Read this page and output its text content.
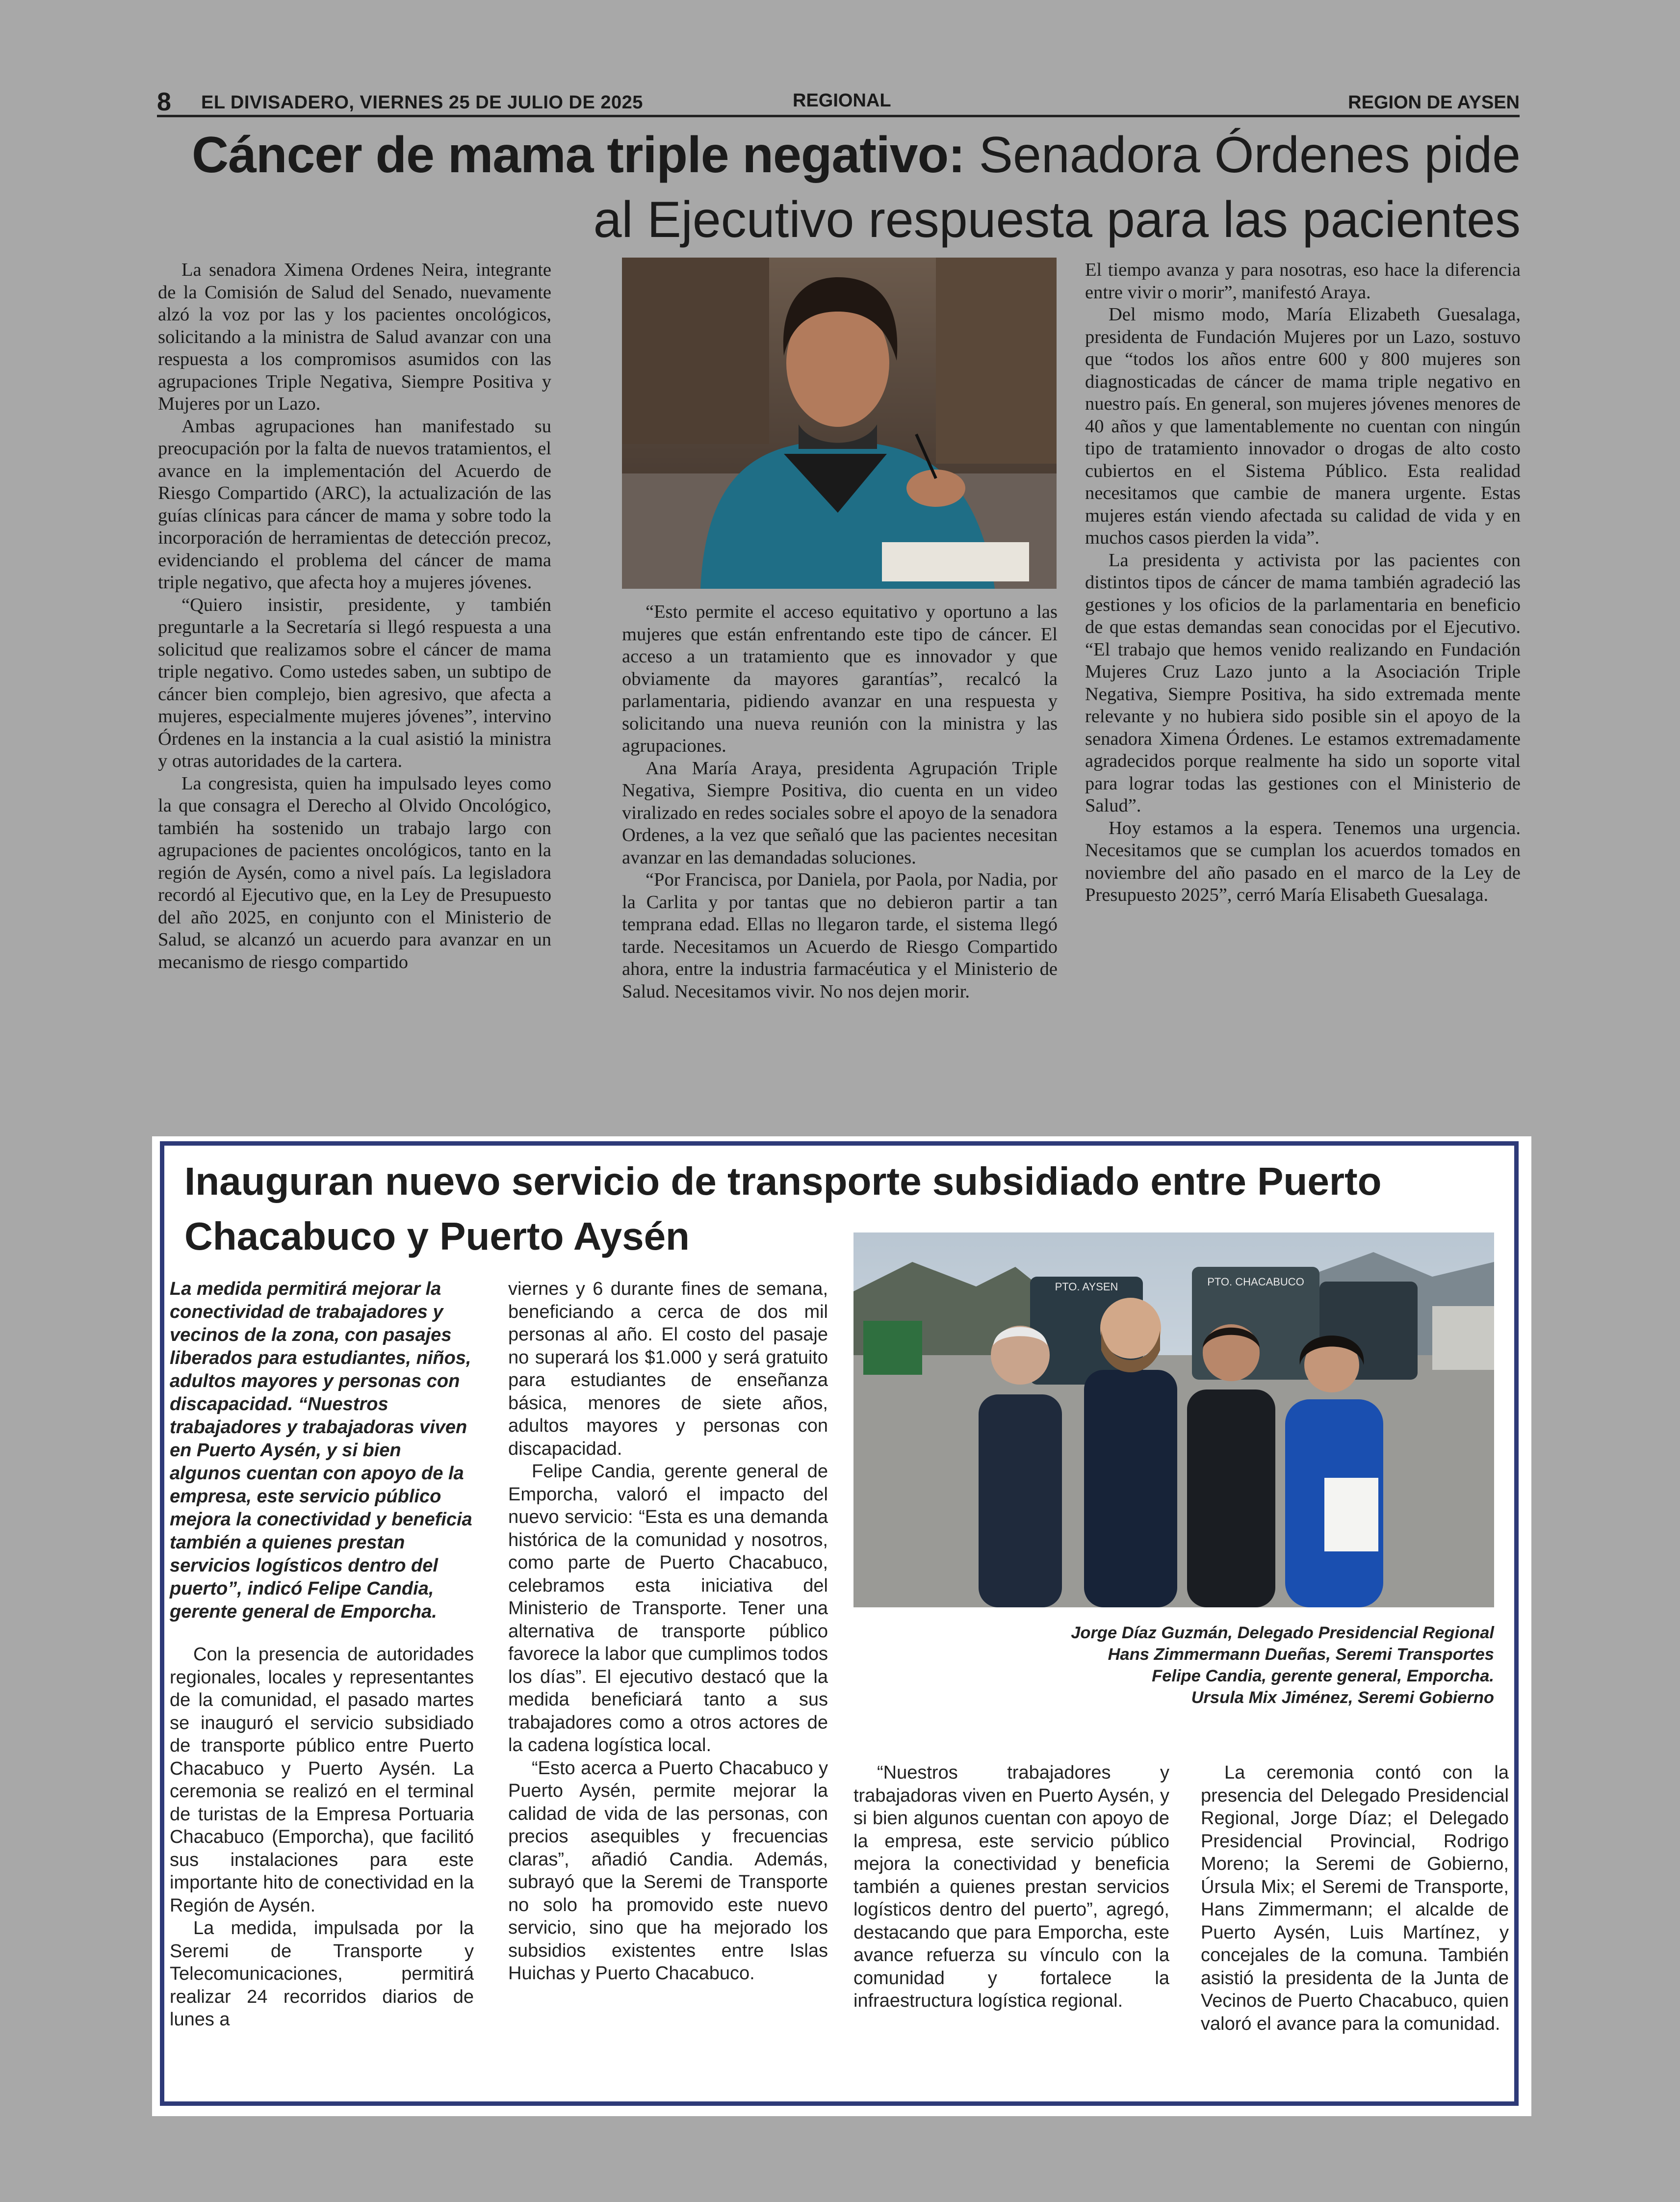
8 EL DIVISADERO, VIERNES 25 DE JULIO DE 2025	REGIONAL	REGION DE AYSEN
Cáncer de mama triple negativo: Senadora Órdenes pide al Ejecutivo respuesta para las pacientes

La senadora Ximena Ordenes Neira, integrante de la Comisión de Salud del Senado, nuevamente alzó la voz por las y los pacientes oncológicos, solicitando a la ministra de Salud avanzar con una respuesta a los compromisos asumidos con las agrupaciones Triple Negativa, Siempre Positiva y Mujeres por un Lazo.

Ambas agrupaciones han manifestado su preocupación por la falta de nuevos tratamientos, el avance en la implementación del Acuerdo de Riesgo Compartido (ARC), la actualización de las guías clínicas para cáncer de mama y sobre todo la incorporación de herramientas de detección precoz, evidenciando el problema del cáncer de mama triple negativo, que afecta hoy a mujeres jóvenes.

“Quiero insistir, presidente, y también preguntarle a la Secretaría si llegó respuesta a una solicitud que realizamos sobre el cáncer de mama triple negativo. Como ustedes saben, un subtipo de cáncer bien complejo, bien agresivo, que afecta a mujeres, especialmente mujeres jóvenes”, intervino Órdenes en la instancia a la cual asistió la ministra y otras autoridades de la cartera.

La congresista, quien ha impulsado leyes como la que consagra el Derecho al Olvido Oncológico, también ha sostenido un trabajo largo con agrupaciones de pacientes oncológicos, tanto en la región de Aysén, como a nivel país. La legisladora recordó al Ejecutivo que, en la Ley de Presupuesto del año 2025, en conjunto con el Ministerio de Salud, se alcanzó un acuerdo para avanzar en un mecanismo de riesgo compartido

“Esto permite el acceso equitativo y oportuno a las mujeres que están enfrentando este tipo de cáncer. El acceso a un tratamiento que es innovador y que obviamente da mayores garantías”, recalcó la parlamentaria, pidiendo avanzar en una respuesta y solicitando una nueva reunión con la ministra y las agrupaciones.

Ana María Araya, presidenta Agrupación Triple Negativa, Siempre Positiva, dio cuenta en un video viralizado en redes sociales sobre el apoyo de la senadora Ordenes, a la vez que señaló que las pacientes necesitan avanzar en las demandadas soluciones.

“Por Francisca, por Daniela, por Paola, por Nadia, por la Carlita y por tantas que no debieron partir a tan temprana edad. Ellas no llegaron tarde, el sistema llegó tarde. Necesitamos un Acuerdo de Riesgo Compartido ahora, entre la industria farmacéutica y el Ministerio de Salud. Necesitamos vivir. No nos dejen morir.

El tiempo avanza y para nosotras, eso hace la diferencia entre vivir o morir”, manifestó Araya.

Del mismo modo, María Elizabeth Guesalaga, presidenta de Fundación Mujeres por un Lazo, sostuvo que “todos los años entre 600 y 800 mujeres son diagnosticadas de cáncer de mama triple negativo en nuestro país. En general, son mujeres jóvenes menores de 40 años y que lamentablemente no cuentan con ningún tipo de tratamiento innovador o drogas de alto costo cubiertos en el Sistema Público. Esta realidad necesitamos que cambie de manera urgente. Estas mujeres están viendo afectada su calidad de vida y en muchos casos pierden la vida”.

La presidenta y activista por las pacientes con distintos tipos de cáncer de mama también agradeció las gestiones y los oficios de la parlamentaria en beneficio de que estas demandas sean conocidas por el Ejecutivo. “El trabajo que hemos venido realizando en Fundación Mujeres Cruz Lazo junto a la Asociación Triple Negativa, Siempre Positiva, ha sido extremada mente relevante y no hubiera sido posible sin el apoyo de la senadora Ximena Órdenes. Le estamos extremadamente agradecidos porque realmente ha sido un soporte vital para lograr todas las gestiones con el Ministerio de Salud”.

Hoy estamos a la espera. Tenemos una urgencia. Necesitamos que se cumplan los acuerdos tomados en noviembre del año pasado en el marco de la Ley de Presupuesto 2025”, cerró María Elisabeth Guesalaga.

Inauguran nuevo servicio de transporte subsidiado entre Puerto Chacabuco y Puerto Aysén

La medida permitirá mejorar la conectividad de trabajadores y vecinos de la zona, con pasajes liberados para estudiantes, niños, adultos mayores y personas con discapacidad. “Nuestros trabajadores y trabajadoras viven en Puerto Aysén, y si bien algunos cuentan con apoyo de la empresa, este servicio público mejora la conectividad y beneficia también a quienes prestan servicios logísticos dentro del puerto”, indicó Felipe Candia, gerente general de Emporcha.

Con la presencia de autoridades regionales, locales y representantes de la comunidad, el pasado martes se inauguró el servicio subsidiado de transporte público entre Puerto Chacabuco y Puerto Aysén. La ceremonia se realizó en el terminal de turistas de la Empresa Portuaria Chacabuco (Emporcha), que facilitó sus instalaciones para este importante hito de conectividad en la Región de Aysén.

La medida, impulsada por la Seremi de Transporte y Telecomunicaciones, permitirá realizar 24 recorridos diarios de lunes a

viernes y 6 durante fines de semana, beneficiando a cerca de dos mil personas al año. El costo del pasaje no superará los $1.000 y será gratuito para estudiantes de enseñanza básica, menores de siete años, adultos mayores y personas con discapacidad.

Felipe Candia, gerente general de Emporcha, valoró el impacto del nuevo servicio: “Esta es una demanda histórica de la comunidad y nosotros, como parte de Puerto Chacabuco, celebramos esta iniciativa del Ministerio de Transporte. Tener una alternativa de transporte público favorece la labor que cumplimos todos los días”. El ejecutivo destacó que la medida beneficiará tanto a sus trabajadores como a otros actores de la cadena logística local.

“Esto acerca a Puerto Chacabuco y Puerto Aysén, permite mejorar la calidad de vida de las personas, con precios asequibles y frecuencias claras”, añadió Candia. Además, subrayó que la Seremi de Transporte no solo ha promovido este nuevo servicio, sino que ha mejorado los subsidios existentes entre Islas Huichas y Puerto Chacabuco.

PTO. AYSEN	PTO. CHACABUCO
Jorge Díaz Guzmán, Delegado Presidencial Regional
Hans Zimmermann Dueñas, Seremi Transportes
Felipe Candia, gerente general, Emporcha.
Ursula Mix Jiménez, Seremi Gobierno

“Nuestros trabajadores y trabajadoras viven en Puerto Aysén, y si bien algunos cuentan con apoyo de la empresa, este servicio público mejora la conectividad y beneficia también a quienes prestan servicios logísticos dentro del puerto”, agregó, destacando que para Emporcha, este avance refuerza su vínculo con la comunidad y fortalece la infraestructura logística regional.

La ceremonia contó con la presencia del Delegado Presidencial Regional, Jorge Díaz; el Delegado Presidencial Provincial, Rodrigo Moreno; la Seremi de Gobierno, Úrsula Mix; el Seremi de Transporte, Hans Zimmermann; el alcalde de Puerto Aysén, Luis Martínez, y concejales de la comuna. También asistió la presidenta de la Junta de Vecinos de Puerto Chacabuco, quien valoró el avance para la comunidad.
